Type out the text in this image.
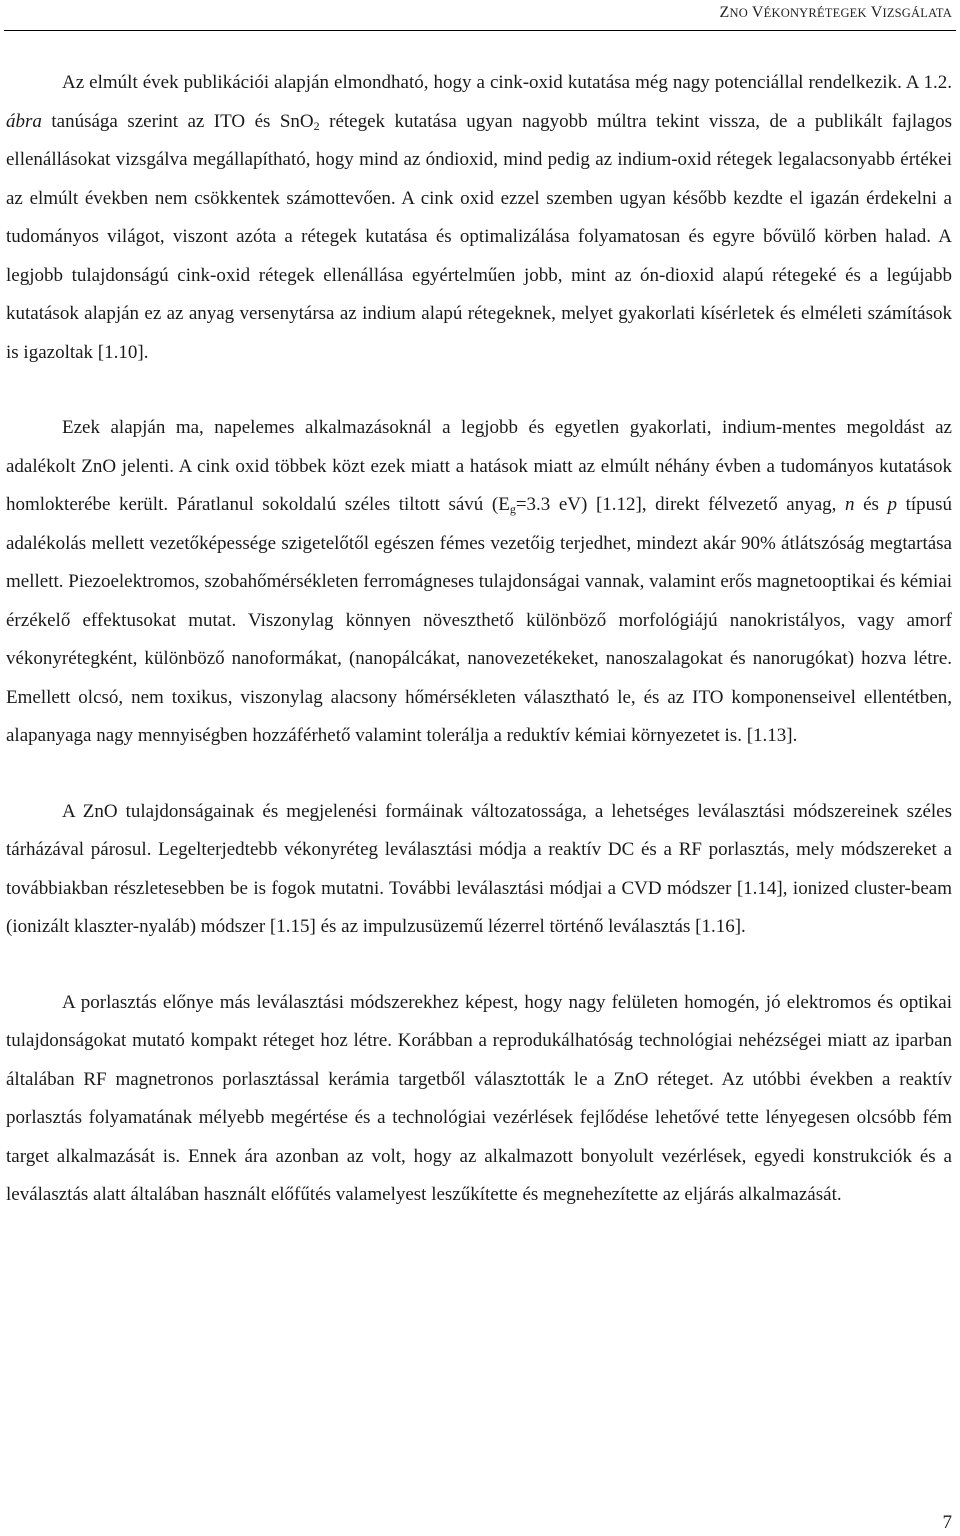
ZNO VÉKONYRÉTEGEK VIZSGÁLATA

Az elmúlt évek publikációi alapján elmondható, hogy a cink-oxid kutatása még nagy potenciállal rendelkezik. A 1.2. ábra tanúsága szerint az ITO és SnO$_2$ rétegek kutatása ugyan nagyobb múltra tekint vissza, de a publikált fajlagos ellenállásokat vizsgálva megállapítható, hogy mind az óndioxid, mind pedig az indium-oxid rétegek legalacsonyabb értékei az elmúlt években nem csökkentek számottevően. A cink oxid ezzel szemben ugyan később kezdte el igazán érdekelni a tudományos világot, viszont azóta a rétegek kutatása és optimalizálása folyamatosan és egyre bővülő körben halad. A legjobb tulajdonságú cink-oxid rétegek ellenállása egyértelműen jobb, mint az ón-dioxid alapú rétegeké és a legújabb kutatások alapján ez az anyag versenytársa az indium alapú rétegeknek, melyet gyakorlati kísérletek és elméleti számítások is igazoltak [1.10].

Ezek alapján ma, napelemes alkalmazásoknál a legjobb és egyetlen gyakorlati, indium-mentes megoldást az adalékolt ZnO jelenti. A cink oxid többek közt ezek miatt a hatások miatt az elmúlt néhány évben a tudományos kutatások homlokterébe került. Páratlanul sokoldalú széles tiltott sávú ($E_g=3.3$ eV) [1.12], direkt félvezető anyag, n és p típusú adalékolás mellett vezetőképessége szigetelőtől egészen fémes vezetőig terjedhet, mindezt akár 90% átlátszóság megtartása mellett. Piezoelektromos, szobahőmérsékleten ferromágneses tulajdonságai vannak, valamint erős magnetooptikai és kémiai érzékelő effektusokat mutat. Viszonylag könnyen növeszthető különböző morfológiájú nanokristályos, vagy amorf vékonyrétegként, különböző nanoformákat, (nanopálcákat, nanovezetékeket, nanoszalagokat és nanorugókat) hozva létre. Emellett olcsó, nem toxikus, viszonylag alacsony hőmérsékleten választható le, és az ITO komponenseivel ellentétben, alapanyaga nagy mennyiségben hozzáférhető valamint tolerálja a reduktív kémiai környezetet is. [1.13].

A ZnO tulajdonságainak és megjelenési formáinak változatossága, a lehetséges leválasztási módszereinek széles tárházával párosul. Legelterjedtebb vékonyréteg leválasztási módja a reaktív DC és a RF porlasztás, mely módszereket a továbbiakban részletesebben be is fogok mutatni. További leválasztási módjai a CVD módszer [1.14], ionized cluster-beam (ionizált klaszter-nyaláb) módszer [1.15] és az impulzusüzemű lézerrel történő leválasztás [1.16].

A porlasztás előnye más leválasztási módszerekhez képest, hogy nagy felületen homogén, jó elektromos és optikai tulajdonságokat mutató kompakt réteget hoz létre. Korábban a reprodukálhatóság technológiai nehézségei miatt az iparban általában RF magnetronos porlasztással kerámia targetből választották le a ZnO réteget. Az utóbbi években a reaktív porlasztás folyamatának mélyebb megértése és a technológiai vezérlések fejlődése lehetővé tette lényegesen olcsóbb fém target alkalmazását is. Ennek ára azonban az volt, hogy az alkalmazott bonyolult vezérlések, egyedi konstrukciók és a leválasztás alatt általában használt előfűtés valamelyest leszűkítette és megnehezítette az eljárás alkalmazását.

7
